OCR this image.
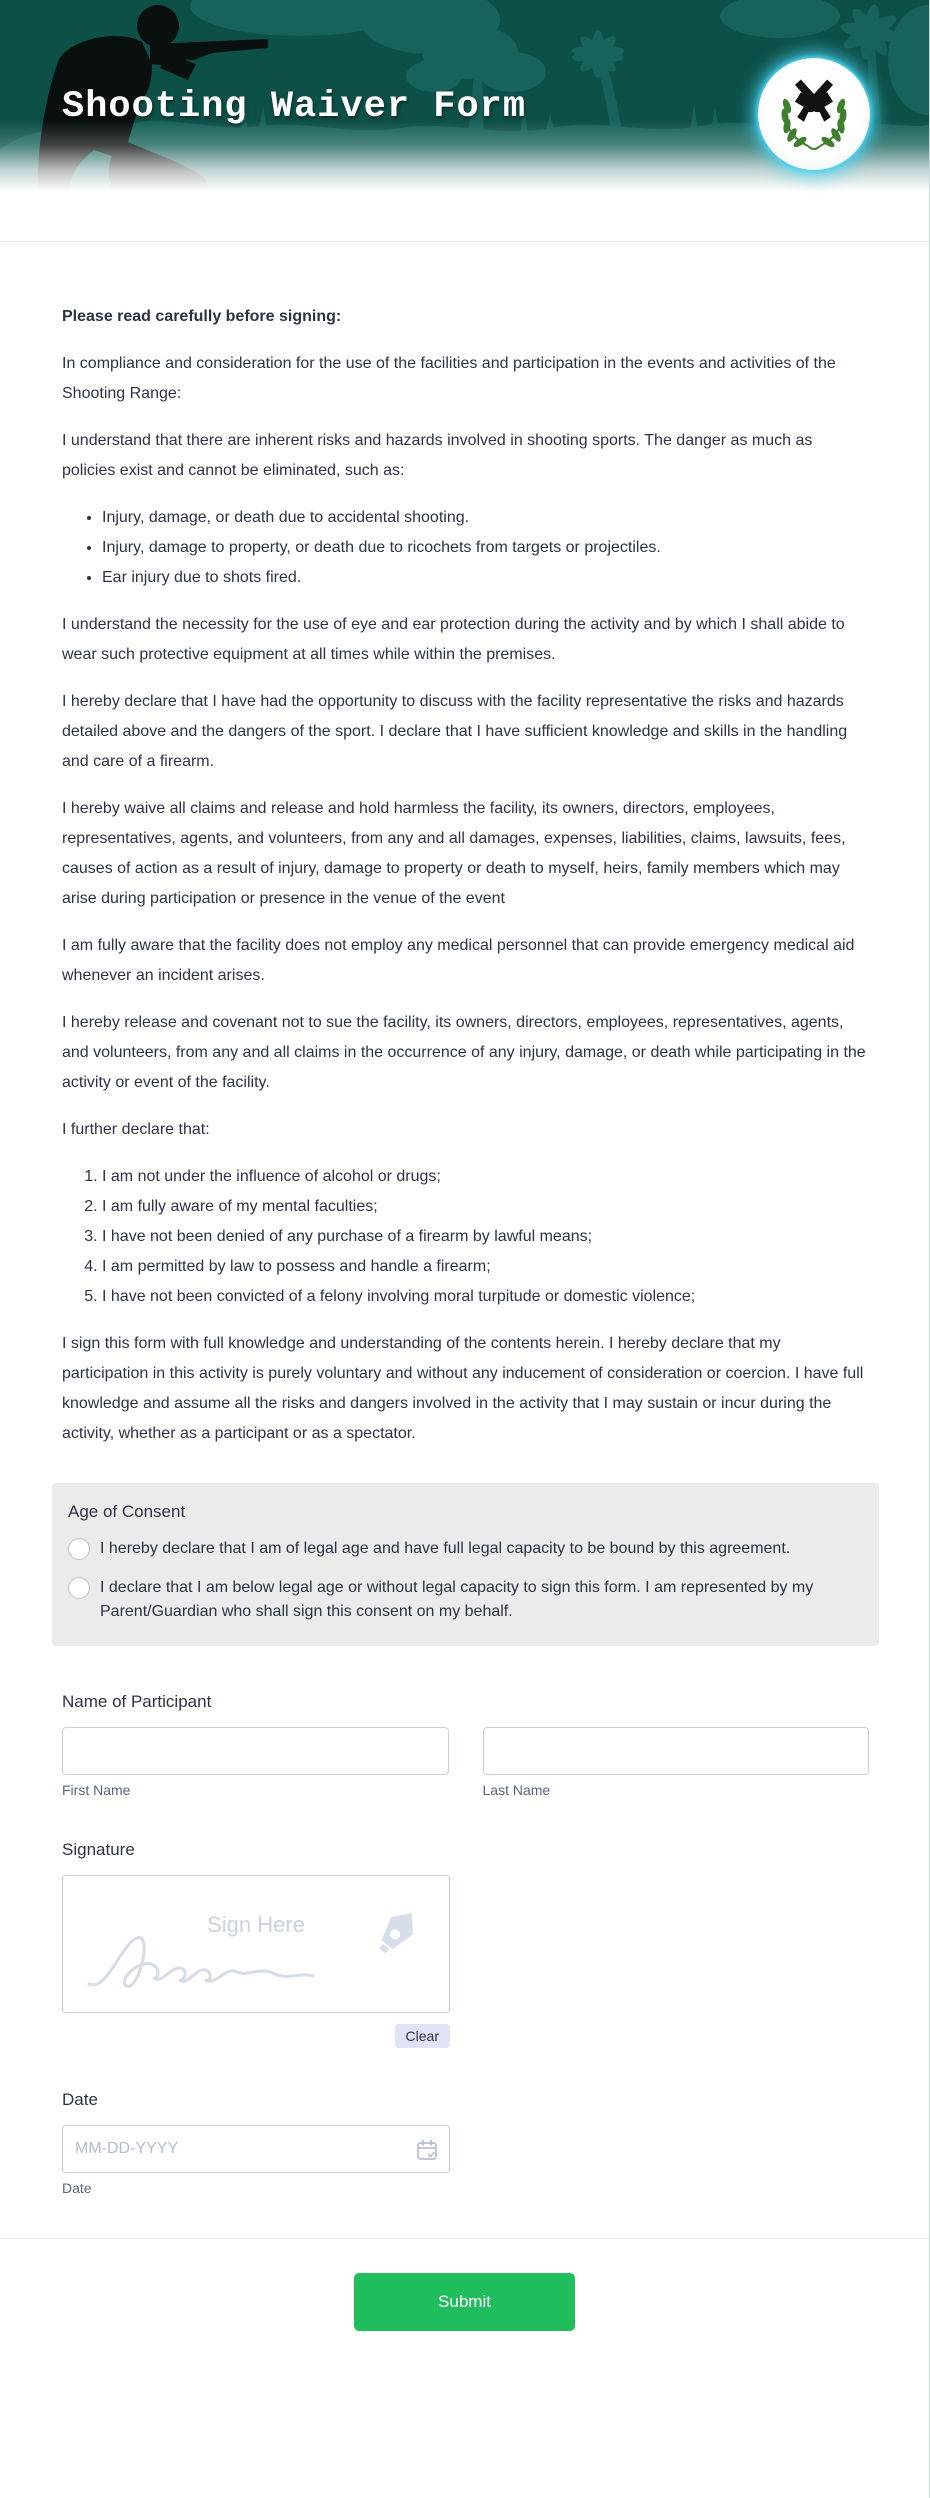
Shooting Waiver Form

Please read carefully before signing:

In compliance and consideration for the use of the facilities and participation in the events and activities of the Shooting Range:

I understand that there are inherent risks and hazards involved in shooting sports. The danger as much as policies exist and cannot be eliminated, such as:

• Injury, damage, or death due to accidental shooting.
• Injury, damage to property, or death due to ricochets from targets or projectiles.
• Ear injury due to shots fired.

I understand the necessity for the use of eye and ear protection during the activity and by which I shall abide to wear such protective equipment at all times while within the premises.

I hereby declare that I have had the opportunity to discuss with the facility representative the risks and hazards detailed above and the dangers of the sport. I declare that I have sufficient knowledge and skills in the handling and care of a firearm.

I hereby waive all claims and release and hold harmless the facility, its owners, directors, employees, representatives, agents, and volunteers, from any and all damages, expenses, liabilities, claims, lawsuits, fees, causes of action as a result of injury, damage to property or death to myself, heirs, family members which may arise during participation or presence in the venue of the event

I am fully aware that the facility does not employ any medical personnel that can provide emergency medical aid whenever an incident arises.

I hereby release and covenant not to sue the facility, its owners, directors, employees, representatives, agents, and volunteers, from any and all claims in the occurrence of any injury, damage, or death while participating in the activity or event of the facility.

I further declare that:

1. I am not under the influence of alcohol or drugs;
2. I am fully aware of my mental faculties;
3. I have not been denied of any purchase of a firearm by lawful means;
4. I am permitted by law to possess and handle a firearm;
5. I have not been convicted of a felony involving moral turpitude or domestic violence;

I sign this form with full knowledge and understanding of the contents herein. I hereby declare that my participation in this activity is purely voluntary and without any inducement of consideration or coercion. I have full knowledge and assume all the risks and dangers involved in the activity that I may sustain or incur during the activity, whether as a participant or as a spectator.

Age of Consent
I hereby declare that I am of legal age and have full legal capacity to be bound by this agreement.
I declare that I am below legal age or without legal capacity to sign this form. I am represented by my Parent/Guardian who shall sign this consent on my behalf.
Name of Participant
First Name	Last Name
Signature
Sign Here
Clear
Date
MM-DD-YYYY
Date
Submit
